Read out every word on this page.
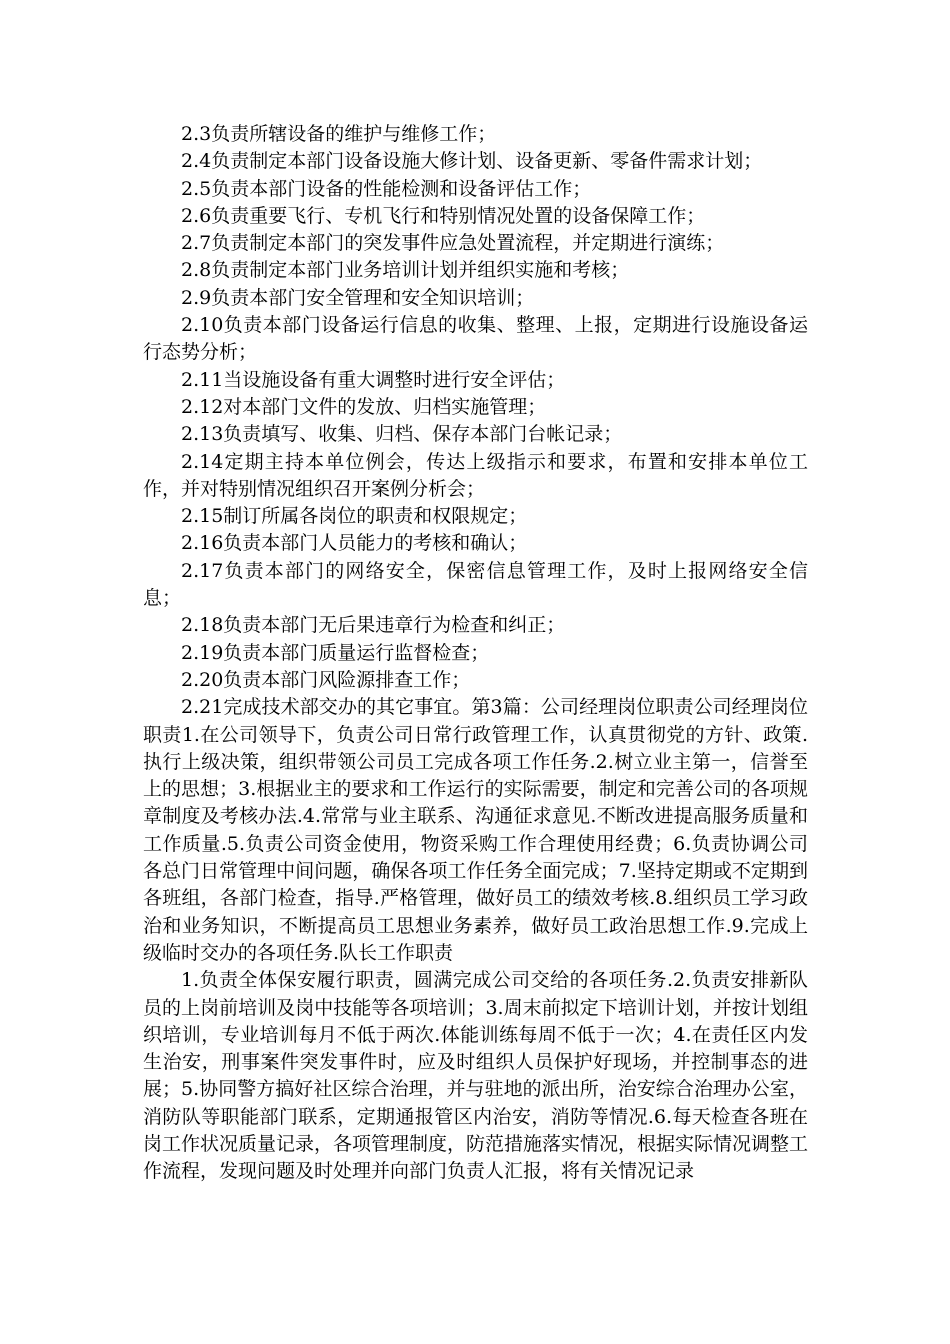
2.3负责所辖设备的维护与维修工作；

2.4负责制定本部门设备设施大修计划、设备更新、零备件需求计划；

2.5负责本部门设备的性能检测和设备评估工作；

2.6负责重要飞行、专机飞行和特别情况处置的设备保障工作；

2.7负责制定本部门的突发事件应急处置流程，并定期进行演练；

2.8负责制定本部门业务培训计划并组织实施和考核；

2.9负责本部门安全管理和安全知识培训；

2.10负责本部门设备运行信息的收集、整理、上报，定期进行设施设备运行态势分析；

2.11当设施设备有重大调整时进行安全评估；

2.12对本部门文件的发放、归档实施管理；

2.13负责填写、收集、归档、保存本部门台帐记录；

2.14定期主持本单位例会，传达上级指示和要求，布置和安排本单位工作，并对特别情况组织召开案例分析会；

2.15制订所属各岗位的职责和权限规定；

2.16负责本部门人员能力的考核和确认；

2.17负责本部门的网络安全，保密信息管理工作，及时上报网络安全信息；

2.18负责本部门无后果违章行为检查和纠正；

2.19负责本部门质量运行监督检查；

2.20负责本部门风险源排查工作；

2.21完成技术部交办的其它事宜。第3篇：公司经理岗位职责公司经理岗位职责1.在公司领导下，负责公司日常行政管理工作，认真贯彻党的方针、政策.执行上级决策，组织带领公司员工完成各项工作任务.2.树立业主第一，信誉至上的思想；3.根据业主的要求和工作运行的实际需要，制定和完善公司的各项规章制度及考核办法.4.常常与业主联系、沟通征求意见.不断改进提高服务质量和工作质量.5.负责公司资金使用，物资采购工作合理使用经费；6.负责协调公司各总门日常管理中间问题，确保各项工作任务全面完成；7.坚持定期或不定期到各班组，各部门检查，指导.严格管理，做好员工的绩效考核.8.组织员工学习政治和业务知识，不断提高员工思想业务素养，做好员工政治思想工作.9.完成上级临时交办的各项任务.队长工作职责

1.负责全体保安履行职责，圆满完成公司交给的各项任务.2.负责安排新队员的上岗前培训及岗中技能等各项培训；3.周末前拟定下培训计划，并按计划组织培训，专业培训每月不低于两次.体能训练每周不低于一次；4.在责任区内发生治安，刑事案件突发事件时，应及时组织人员保护好现场，并控制事态的进展；5.协同警方搞好社区综合治理，并与驻地的派出所，治安综合治理办公室，消防队等职能部门联系，定期通报管区内治安，消防等情况.6.每天检查各班在岗工作状况质量记录，各项管理制度，防范措施落实情况，根据实际情况调整工作流程，发现问题及时处理并向部门负责人汇报，将有关情况记录
